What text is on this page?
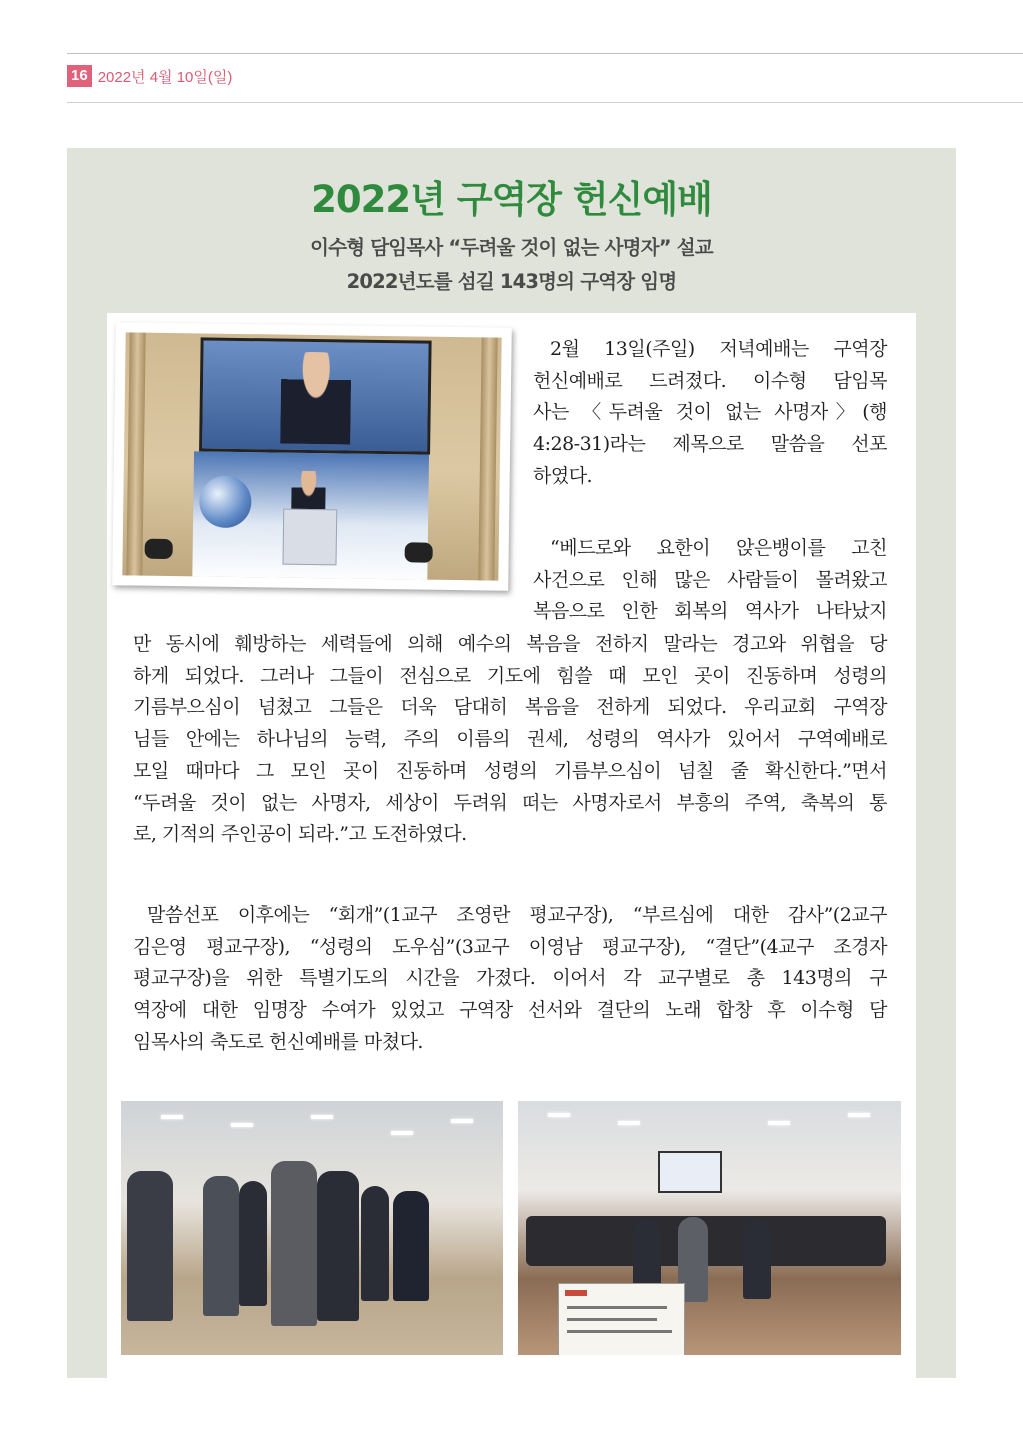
16 2022년 4월 10일(일)
2022년 구역장 헌신예배
이수형 담임목사 “두려울 것이 없는 사명자” 설교
2022년도를 섬길 143명의 구역장 임명
2월 13일(주일) 저녁예배는 구역장
헌신예배로 드려졌다. 이수형 담임목
사는 〈두려울 것이 없는 사명자〉(행
4:28-31)라는 제목으로 말씀을 선포
하였다.
“베드로와 요한이 앉은뱅이를 고친
사건으로 인해 많은 사람들이 몰려왔고
복음으로 인한 회복의 역사가 나타났지
만 동시에 훼방하는 세력들에 의해 예수의 복음을 전하지 말라는 경고와 위협을 당
하게 되었다. 그러나 그들이 전심으로 기도에 힘쓸 때 모인 곳이 진동하며 성령의
기름부으심이 넘쳤고 그들은 더욱 담대히 복음을 전하게 되었다. 우리교회 구역장
님들 안에는 하나님의 능력, 주의 이름의 권세, 성령의 역사가 있어서 구역예배로
모일 때마다 그 모인 곳이 진동하며 성령의 기름부으심이 넘칠 줄 확신한다.”면서
“두려울 것이 없는 사명자, 세상이 두려워 떠는 사명자로서 부흥의 주역, 축복의 통
로, 기적의 주인공이 되라.”고 도전하였다.
말씀선포 이후에는 “회개”(1교구 조영란 평교구장), “부르심에 대한 감사”(2교구
김은영 평교구장), “성령의 도우심”(3교구 이영남 평교구장), “결단”(4교구 조경자
평교구장)을 위한 특별기도의 시간을 가졌다. 이어서 각 교구별로 총 143명의 구
역장에 대한 임명장 수여가 있었고 구역장 선서와 결단의 노래 합창 후 이수형 담
임목사의 축도로 헌신예배를 마쳤다.
